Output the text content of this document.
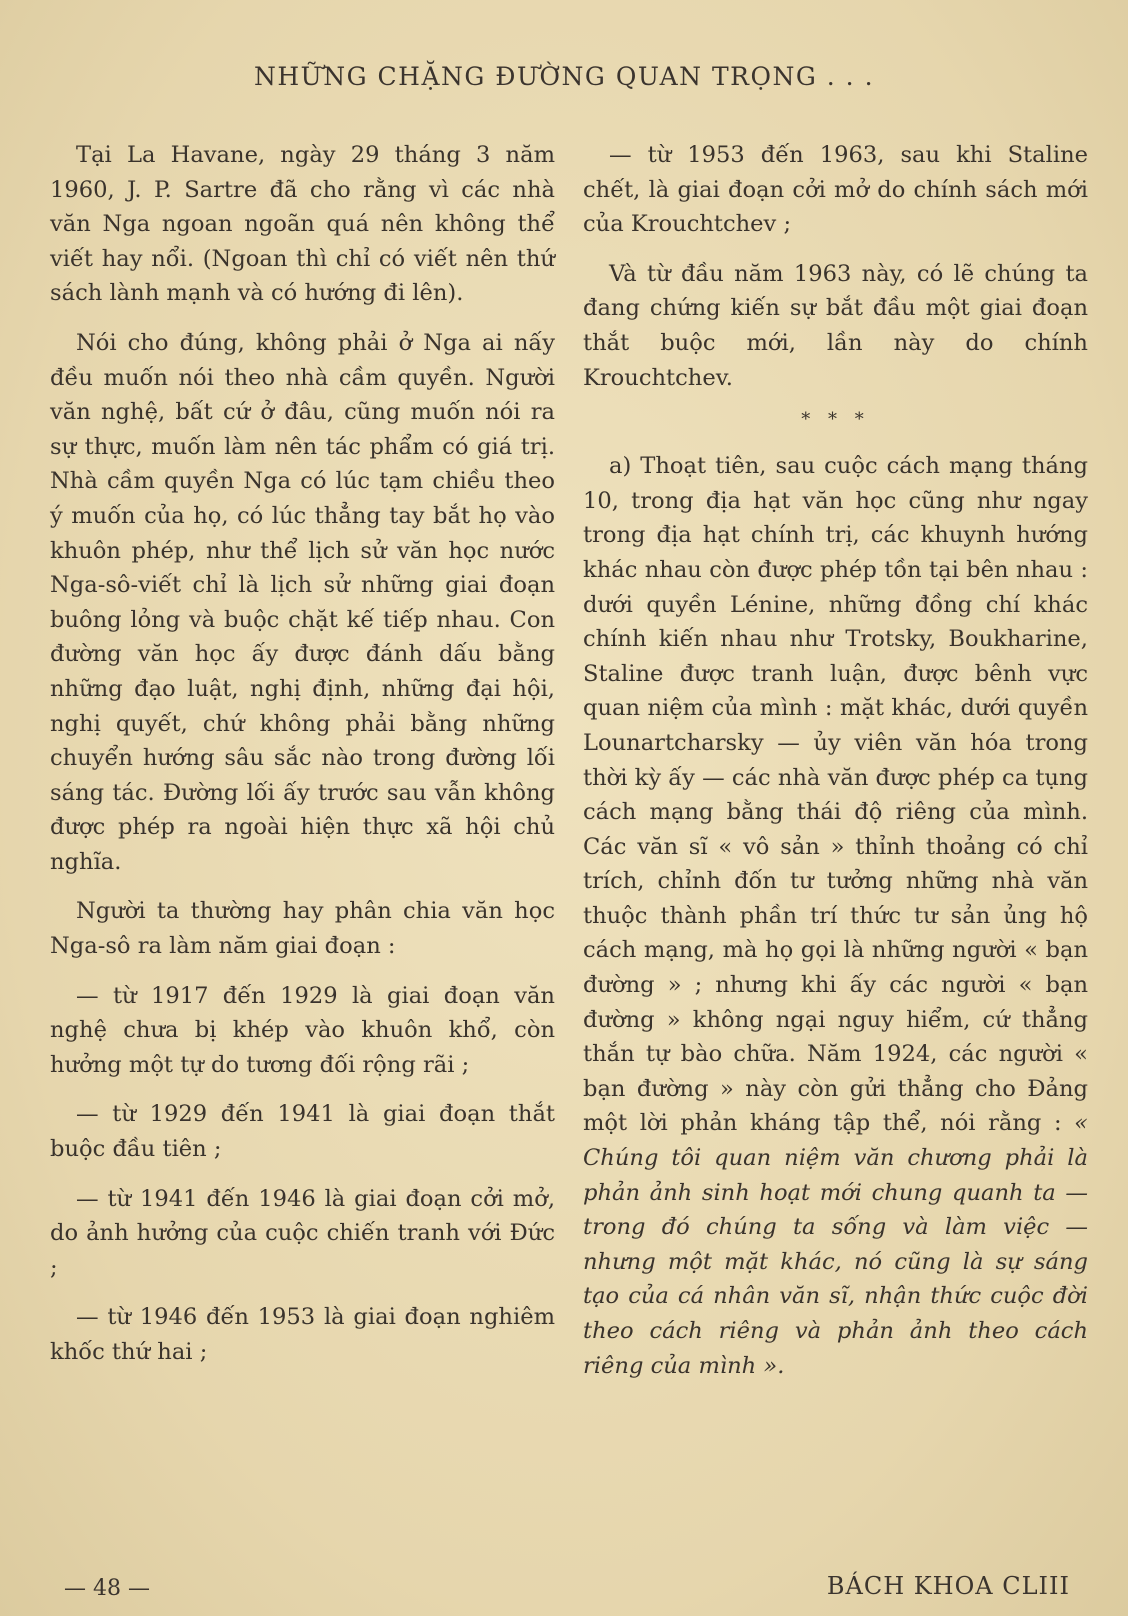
NHỮNG CHẶNG ĐƯỜNG QUAN TRỌNG . . .

Tại La Havane, ngày 29 tháng 3 năm 1960, J. P. Sartre đã cho rằng vì các nhà văn Nga ngoan ngoãn quá nên không thể viết hay nổi. (Ngoan thì chỉ có viết nên thứ sách lành mạnh và có hướng đi lên).

Nói cho đúng, không phải ở Nga ai nấy đều muốn nói theo nhà cầm quyền. Người văn nghệ, bất cứ ở đâu, cũng muốn nói ra sự thực, muốn làm nên tác phẩm có giá trị. Nhà cầm quyền Nga có lúc tạm chiều theo ý muốn của họ, có lúc thẳng tay bắt họ vào khuôn phép, như thể lịch sử văn học nước Nga-sô-viết chỉ là lịch sử những giai đoạn buông lỏng và buộc chặt kế tiếp nhau. Con đường văn học ấy được đánh dấu bằng những đạo luật, nghị định, những đại hội, nghị quyết, chứ không phải bằng những chuyển hướng sâu sắc nào trong đường lối sáng tác. Đường lối ấy trước sau vẫn không được phép ra ngoài hiện thực xã hội chủ nghĩa.

Người ta thường hay phân chia văn học Nga-sô ra làm năm giai đoạn :

— từ 1917 đến 1929 là giai đoạn văn nghệ chưa bị khép vào khuôn khổ, còn hưởng một tự do tương đối rộng rãi ;

— từ 1929 đến 1941 là giai đoạn thắt buộc đầu tiên ;

— từ 1941 đến 1946 là giai đoạn cởi mở, do ảnh hưởng của cuộc chiến tranh với Đức ;

— từ 1946 đến 1953 là giai đoạn nghiêm khốc thứ hai ;

— từ 1953 đến 1963, sau khi Staline chết, là giai đoạn cởi mở do chính sách mới của Krouchtchev ;

Và từ đầu năm 1963 này, có lẽ chúng ta đang chứng kiến sự bắt đầu một giai đoạn thắt buộc mới, lần này do chính Krouchtchev.

* * *

a) Thoạt tiên, sau cuộc cách mạng tháng 10, trong địa hạt văn học cũng như ngay trong địa hạt chính trị, các khuynh hướng khác nhau còn được phép tồn tại bên nhau : dưới quyền Lénine, những đồng chí khác chính kiến nhau như Trotsky, Boukharine, Staline được tranh luận, được bênh vực quan niệm của mình : mặt khác, dưới quyền Lounartcharsky — ủy viên văn hóa trong thời kỳ ấy — các nhà văn được phép ca tụng cách mạng bằng thái độ riêng của mình. Các văn sĩ « vô sản » thỉnh thoảng có chỉ trích, chỉnh đốn tư tưởng những nhà văn thuộc thành phần trí thức tư sản ủng hộ cách mạng, mà họ gọi là những người « bạn đường » ; nhưng khi ấy các người « bạn đường » không ngại nguy hiểm, cứ thẳng thắn tự bào chữa. Năm 1924, các người « bạn đường » này còn gửi thẳng cho Đảng một lời phản kháng tập thể, nói rằng : « Chúng tôi quan niệm văn chương phải là phản ảnh sinh hoạt mới chung quanh ta — trong đó chúng ta sống và làm việc — nhưng một mặt khác, nó cũng là sự sáng tạo của cá nhân văn sĩ, nhận thức cuộc đời theo cách riêng và phản ảnh theo cách riêng của mình ».

— 48 —	BÁCH KHOA CLIII
